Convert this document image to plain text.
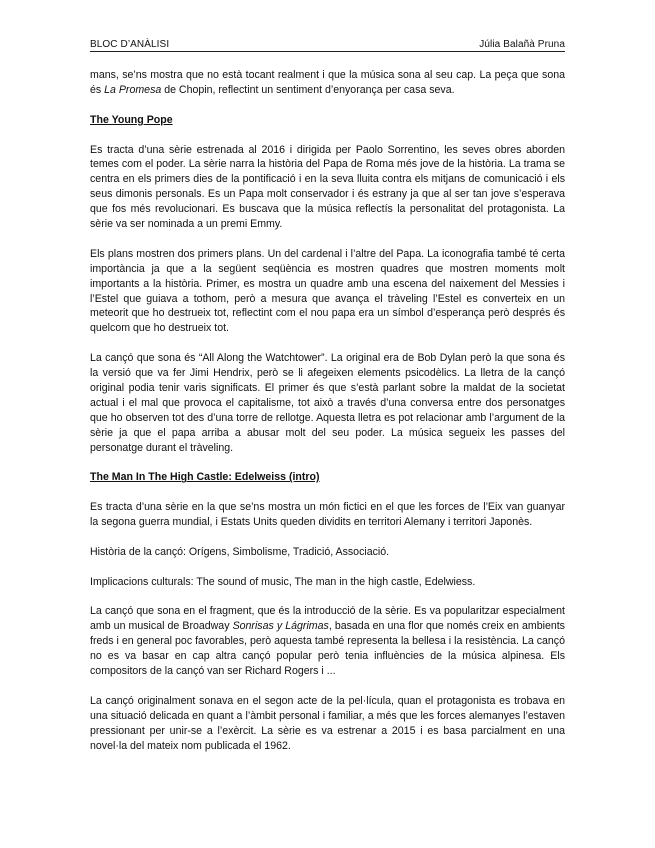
BLOC D’ANÀLISI	Júlia Balañà Pruna

mans, se’ns mostra que no està tocant realment i que la música sona al seu cap. La peça que sona és La Promesa de Chopin, reflectint un sentiment d’enyorança per casa seva.

The Young Pope

Es tracta d’una sèrie estrenada al 2016 i dirigida per Paolo Sorrentino, les seves obres aborden temes com el poder. La sèrie narra la història del Papa de Roma més jove de la història. La trama se centra en els primers dies de la pontificació i en la seva lluita contra els mitjans de comunicació i els seus dimonis personals. Es un Papa molt conservador i és estrany ja que al ser tan jove s’esperava que fos més revolucionari. Es buscava que la música reflectís la personalitat del protagonista. La sèrie va ser nominada a un premi Emmy.

Els plans mostren dos primers plans. Un del cardenal i l’altre del Papa. La iconografia també té certa importància ja que a la següent seqüència es mostren quadres que mostren moments molt importants a la història. Primer, es mostra un quadre amb una escena del naixement del Messies i l’Estel que guiava a tothom, però a mesura que avança el tràveling l’Estel es converteix en un meteorit que ho destrueix tot, reflectint com el nou papa era un símbol d’esperança però després és quelcom que ho destrueix tot.

La cançó que sona és “All Along the Watchtower”. La original era de Bob Dylan però la que sona és la versió que va fer Jimi Hendrix, però se li afegeixen elements psicodèlics. La lletra de la cançó original podia tenir varis significats. El primer és que s’està parlant sobre la maldat de la societat actual i el mal que provoca el capitalisme, tot això a través d’una conversa entre dos personatges que ho observen tot des d’una torre de rellotge. Aquesta lletra es pot relacionar amb l’argument de la sèrie ja que el papa arriba a abusar molt del seu poder. La música segueix les passes del personatge durant el tràveling.

The Man In The High Castle: Edelweiss (intro)

Es tracta d’una sèrie en la que se’ns mostra un món fictici en el que les forces de l’Eix van guanyar la segona guerra mundial, i Estats Units queden dividits en territori Alemany i territori Japonès.

Història de la cançó: Orígens, Simbolisme, Tradició, Associació.

Implicacions culturals: The sound of music, The man in the high castle, Edelwiess.

La cançó que sona en el fragment, que és la introducció de la sèrie. Es va popularitzar especialment amb un musical de Broadway Sonrisas y Lágrimas, basada en una flor que només creix en ambients freds i en general poc favorables, però aquesta també representa la bellesa i la resistència. La cançó no es va basar en cap altra cançó popular però tenia influències de la música alpinesa. Els compositors de la cançó van ser Richard Rogers i ...

La cançó originalment sonava en el segon acte de la pel·lícula, quan el protagonista es trobava en una situació delicada en quant a l’àmbit personal i familiar, a més que les forces alemanyes l’estaven pressionant per unir-se a l’exèrcit. La sèrie es va estrenar a 2015 i es basa parcialment en una novel·la del mateix nom publicada el 1962.
